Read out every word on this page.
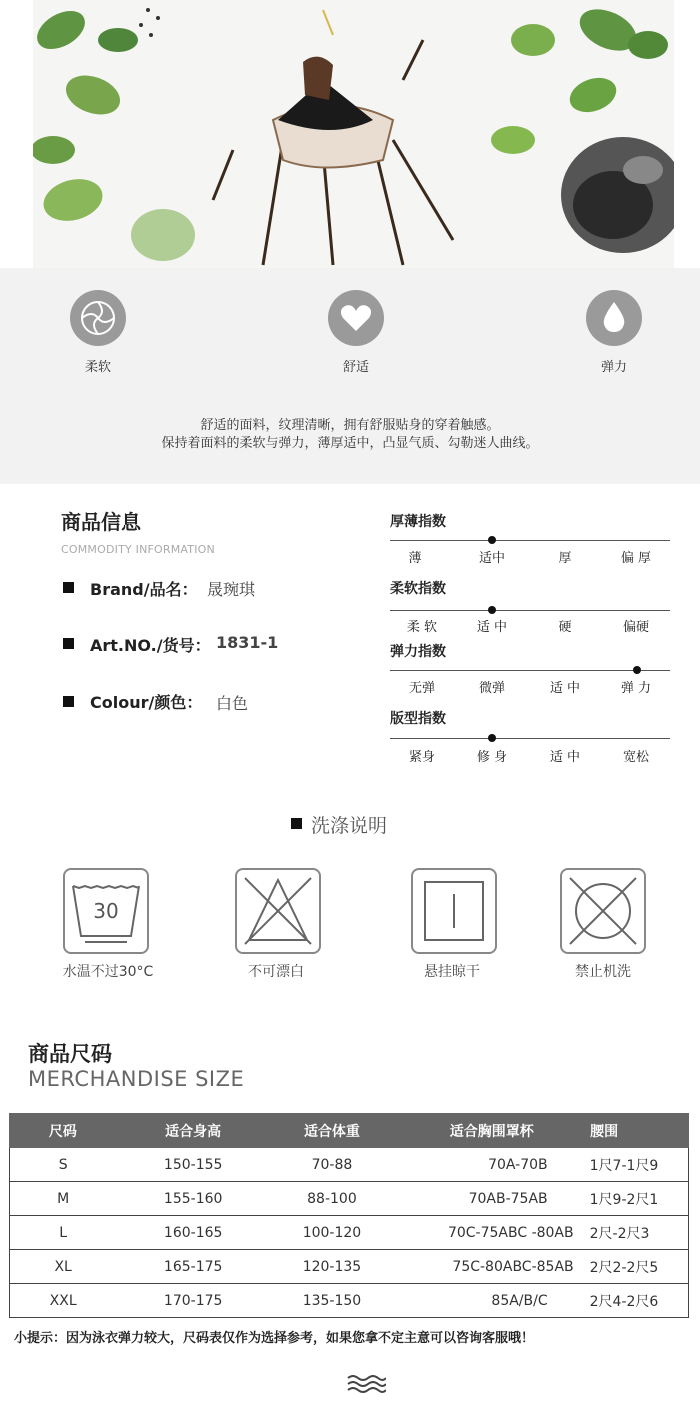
柔软	舒适	弹力
舒适的面料，纹理清晰，拥有舒服贴身的穿着触感。
保持着面料的柔软与弹力，薄厚适中，凸显气质、勾勒迷人曲线。
商品信息
COMMODITY INFORMATION
Brand/品名： 晟琬琪
Art.NO./货号： 1831-1
Colour/颜色： 白色
厚薄指数
薄	适中	厚	偏 厚
柔软指数
柔 软	适 中	硬	偏硬
弹力指数
无弹	微弹	适 中	弹 力
版型指数
紧身	修 身	适 中	宽松
洗涤说明
30
水温不过30°C	不可漂白	悬挂晾干	禁止机洗
商品尺码
MERCHANDISE SIZE
尺码	适合身高	适合体重	适合胸围罩杯	腰围
S	150-155	70-88	70A-70B	1尺7-1尺9
M	155-160	88-100	70AB-75AB	1尺9-2尺1
L	160-165	100-120	70C-75ABC -80AB	2尺-2尺3
XL	165-175	120-135	75C-80ABC-85AB	2尺2-2尺5
XXL	170-175	135-150	85A/B/C	2尺4-2尺6
小提示：因为泳衣弹力较大，尺码表仅作为选择参考，如果您拿不定主意可以咨询客服哦！
